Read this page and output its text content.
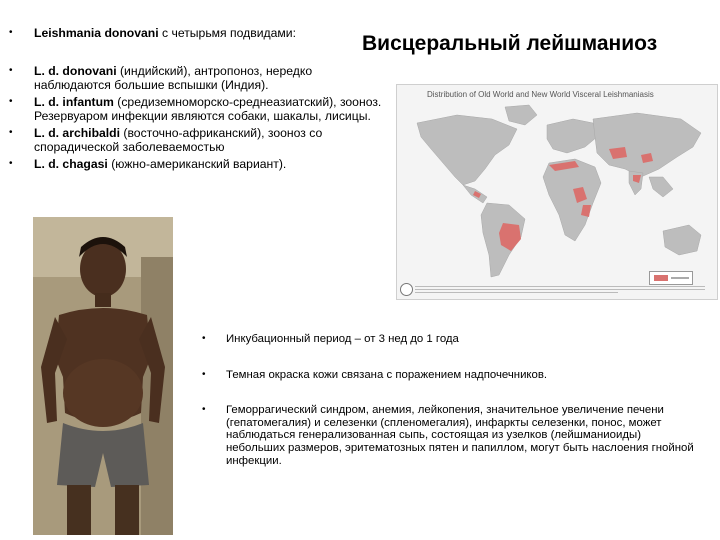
Висцеральный лейшманиоз
• Leishmania donovani с четырьмя подвидами:
• L. d. donovani (индийский), антропоноз, нередко наблюдаются большие вспышки (Индия).
• L. d. infantum (средиземноморско-среднеазиатский), зооноз. Резервуаром инфекции являются собаки, шакалы, лисицы.
• L. d. archibaldi (восточно-африканский), зооноз со спорадической заболеваемостью
• L. d. chagasi (южно-американский вариант).
Distribution of Old World and New World Visceral Leishmaniasis
• Инкубационный период – от 3 нед до 1 года
• Темная окраска кожи связана с поражением надпочечников.
• Геморрагический синдром, анемия, лейкопения, значительное увеличение печени (гепатомегалия) и селезенки (спленомегалия), инфаркты селезенки, понос, может наблюдаться генерализованная сыпь, состоящая из узелков (лейшманиоиды) небольших размеров, эритематозных пятен и папиллом, могут быть наслоения гнойной инфекции.
